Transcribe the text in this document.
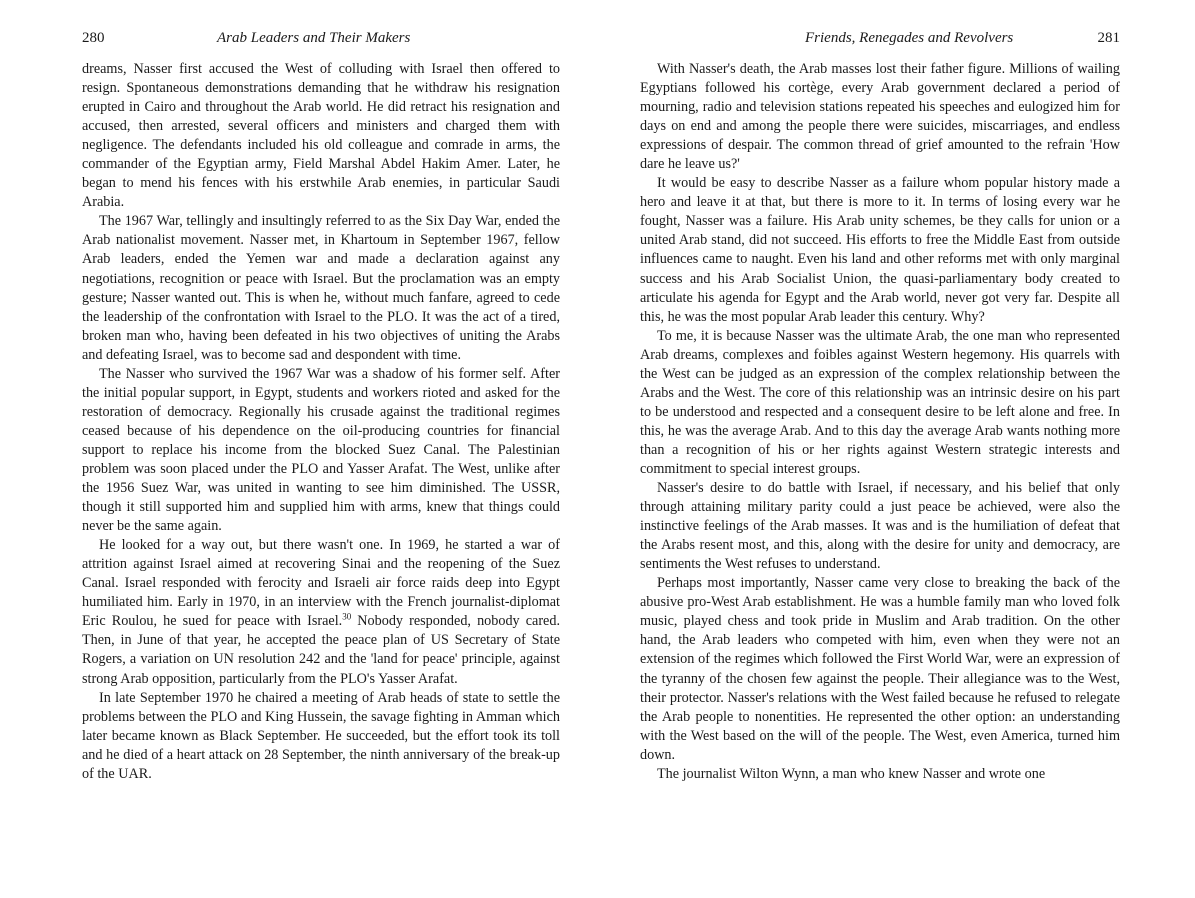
280	Arab Leaders and Their Makers

dreams, Nasser first accused the West of colluding with Israel then offered to resign. Spontaneous demonstrations demanding that he withdraw his resignation erupted in Cairo and throughout the Arab world. He did retract his resignation and accused, then arrested, several officers and ministers and charged them with negligence. The defendants included his old colleague and comrade in arms, the commander of the Egyptian army, Field Marshal Abdel Hakim Amer. Later, he began to mend his fences with his erstwhile Arab enemies, in particular Saudi Arabia.

The 1967 War, tellingly and insultingly referred to as the Six Day War, ended the Arab nationalist movement. Nasser met, in Khartoum in September 1967, fellow Arab leaders, ended the Yemen war and made a declaration against any negotiations, recognition or peace with Israel. But the proclamation was an empty gesture; Nasser wanted out. This is when he, without much fanfare, agreed to cede the leadership of the confrontation with Israel to the PLO. It was the act of a tired, broken man who, having been defeated in his two objectives of uniting the Arabs and defeating Israel, was to become sad and despondent with time.

The Nasser who survived the 1967 War was a shadow of his former self. After the initial popular support, in Egypt, students and workers rioted and asked for the restoration of democracy. Regionally his crusade against the traditional regimes ceased because of his dependence on the oil-producing countries for financial support to replace his income from the blocked Suez Canal. The Palestinian problem was soon placed under the PLO and Yasser Arafat. The West, unlike after the 1956 Suez War, was united in wanting to see him diminished. The USSR, though it still supported him and supplied him with arms, knew that things could never be the same again.

He looked for a way out, but there wasn't one. In 1969, he started a war of attrition against Israel aimed at recovering Sinai and the reopening of the Suez Canal. Israel responded with ferocity and Israeli air force raids deep into Egypt humiliated him. Early in 1970, in an interview with the French journalist-diplomat Eric Roulou, he sued for peace with Israel.$^{30}$ Nobody responded, nobody cared. Then, in June of that year, he accepted the peace plan of US Secretary of State Rogers, a variation on UN resolution 242 and the 'land for peace' principle, against strong Arab opposition, particularly from the PLO's Yasser Arafat.

In late September 1970 he chaired a meeting of Arab heads of state to settle the problems between the PLO and King Hussein, the savage fighting in Amman which later became known as Black September. He succeeded, but the effort took its toll and he died of a heart attack on 28 September, the ninth anniversary of the break-up of the UAR.

Friends, Renegades and Revolvers	281

With Nasser's death, the Arab masses lost their father figure. Millions of wailing Egyptians followed his cortège, every Arab government declared a period of mourning, radio and television stations repeated his speeches and eulogized him for days on end and among the people there were suicides, miscarriages, and endless expressions of despair. The common thread of grief amounted to the refrain 'How dare he leave us?'

It would be easy to describe Nasser as a failure whom popular history made a hero and leave it at that, but there is more to it. In terms of losing every war he fought, Nasser was a failure. His Arab unity schemes, be they calls for union or a united Arab stand, did not succeed. His efforts to free the Middle East from outside influences came to naught. Even his land and other reforms met with only marginal success and his Arab Socialist Union, the quasi-parliamentary body created to articulate his agenda for Egypt and the Arab world, never got very far. Despite all this, he was the most popular Arab leader this century. Why?

To me, it is because Nasser was the ultimate Arab, the one man who represented Arab dreams, complexes and foibles against Western hegemony. His quarrels with the West can be judged as an expression of the complex relationship between the Arabs and the West. The core of this relationship was an intrinsic desire on his part to be understood and respected and a consequent desire to be left alone and free. In this, he was the average Arab. And to this day the average Arab wants nothing more than a recognition of his or her rights against Western strategic interests and commitment to special interest groups.

Nasser's desire to do battle with Israel, if necessary, and his belief that only through attaining military parity could a just peace be achieved, were also the instinctive feelings of the Arab masses. It was and is the humiliation of defeat that the Arabs resent most, and this, along with the desire for unity and democracy, are sentiments the West refuses to understand.

Perhaps most importantly, Nasser came very close to breaking the back of the abusive pro-West Arab establishment. He was a humble family man who loved folk music, played chess and took pride in Muslim and Arab tradition. On the other hand, the Arab leaders who competed with him, even when they were not an extension of the regimes which followed the First World War, were an expression of the tyranny of the chosen few against the people. Their allegiance was to the West, their protector. Nasser's relations with the West failed because he refused to relegate the Arab people to nonentities. He represented the other option: an understanding with the West based on the will of the people. The West, even America, turned him down.

The journalist Wilton Wynn, a man who knew Nasser and wrote one
